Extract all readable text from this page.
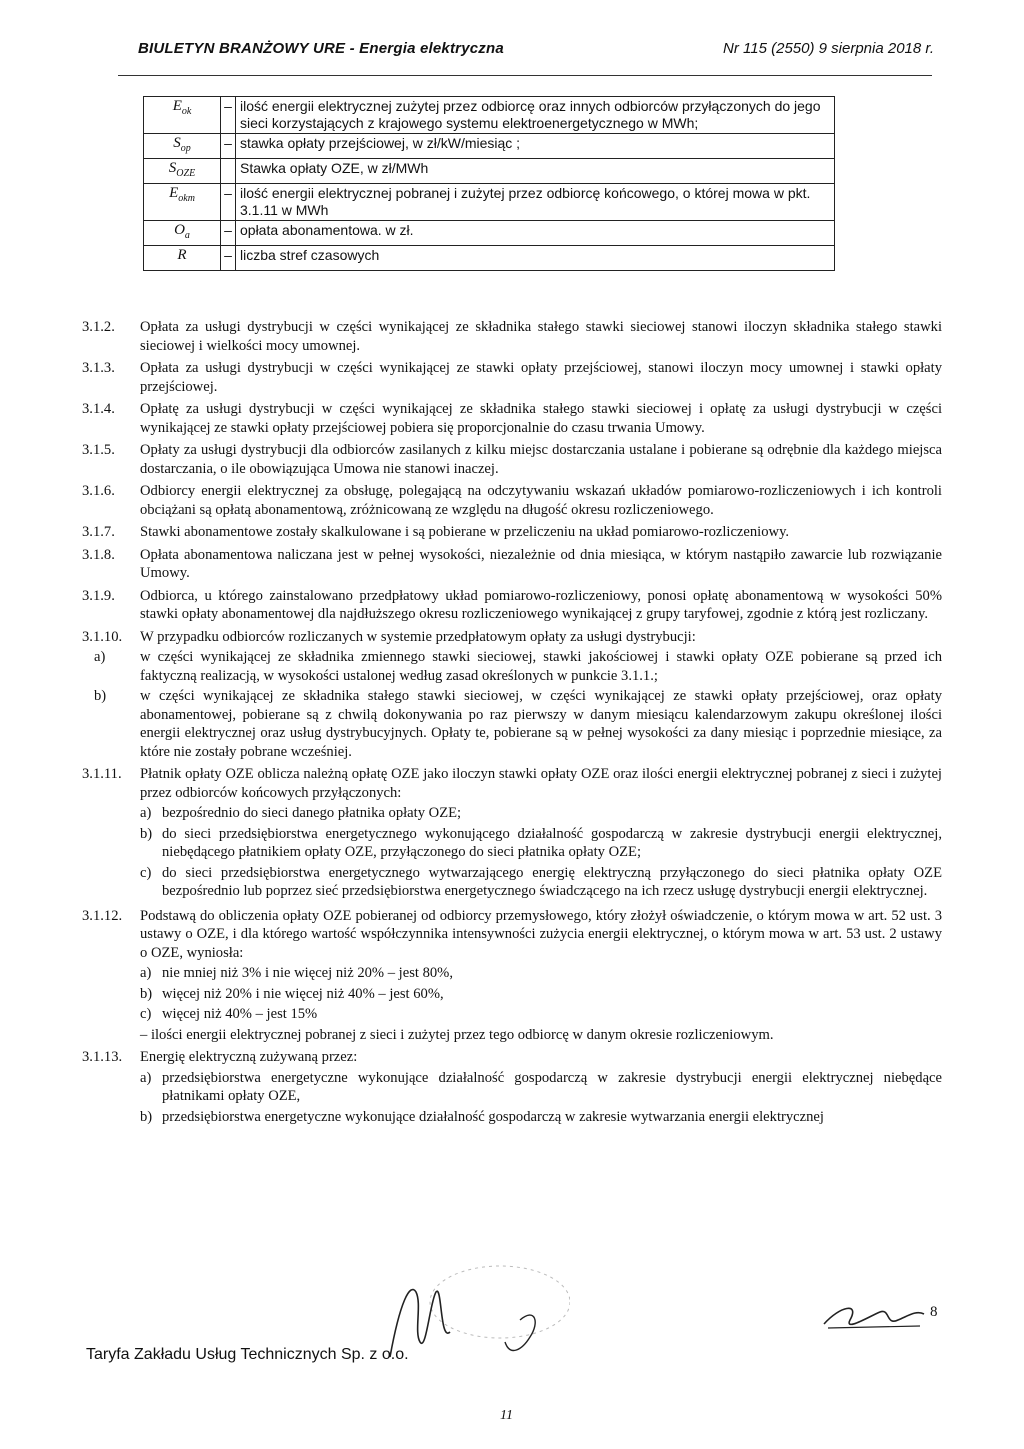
BIULETYN BRANŻOWY URE - Energia elektryczna	Nr 115 (2550) 9 sierpnia 2018 r.
$E_{ok}$	–	ilość energii elektrycznej zużytej przez odbiorcę oraz innych odbiorców przyłączonych do jego sieci korzystających z krajowego systemu elektroenergetycznego w MWh;
$S_{op}$	–	stawka opłaty przejściowej, w zł/kW/miesiąc ;
$S_{OZE}$		Stawka opłaty OZE, w zł/MWh
$E_{okm}$	–	ilość energii elektrycznej pobranej i zużytej przez odbiorcę końcowego, o której mowa w pkt. 3.1.11 w MWh
$O_a$	–	opłata abonamentowa. w zł.
R	–	liczba stref czasowych
3.1.2.	Opłata za usługi dystrybucji w części wynikającej ze składnika stałego stawki sieciowej stanowi iloczyn składnika stałego stawki sieciowej i wielkości mocy umownej.
3.1.3.	Opłata za usługi dystrybucji w części wynikającej ze stawki opłaty przejściowej, stanowi iloczyn mocy umownej i stawki opłaty przejściowej.
3.1.4.	Opłatę za usługi dystrybucji w części wynikającej ze składnika stałego stawki sieciowej i opłatę za usługi dystrybucji w części wynikającej ze stawki opłaty przejściowej pobiera się proporcjonalnie do czasu trwania Umowy.
3.1.5.	Opłaty za usługi dystrybucji dla odbiorców zasilanych z kilku miejsc dostarczania ustalane i pobierane są odrębnie dla każdego miejsca dostarczania, o ile obowiązująca Umowa nie stanowi inaczej.
3.1.6.	Odbiorcy energii elektrycznej za obsługę, polegającą na odczytywaniu wskazań układów pomiarowo-rozliczeniowych i ich kontroli obciążani są opłatą abonamentową, zróżnicowaną ze względu na długość okresu rozliczeniowego.
3.1.7.	Stawki abonamentowe zostały skalkulowane i są pobierane w przeliczeniu na układ pomiarowo-rozliczeniowy.
3.1.8.	Opłata abonamentowa naliczana jest w pełnej wysokości, niezależnie od dnia miesiąca, w którym nastąpiło zawarcie lub rozwiązanie Umowy.
3.1.9.	Odbiorca, u którego zainstalowano przedpłatowy układ pomiarowo-rozliczeniowy, ponosi opłatę abonamentową w wysokości 50% stawki opłaty abonamentowej dla najdłuższego okresu rozliczeniowego wynikającej z grupy taryfowej, zgodnie z którą jest rozliczany.
3.1.10.	W przypadku odbiorców rozliczanych w systemie przedpłatowym opłaty za usługi dystrybucji:
a)	w części wynikającej ze składnika zmiennego stawki sieciowej, stawki jakościowej i stawki opłaty OZE pobierane są przed ich faktyczną realizacją, w wysokości ustalonej według zasad określonych w punkcie 3.1.1.;
b)	w części wynikającej ze składnika stałego stawki sieciowej, w części wynikającej ze stawki opłaty przejściowej, oraz opłaty abonamentowej, pobierane są z chwilą dokonywania po raz pierwszy w danym miesiącu kalendarzowym zakupu określonej ilości energii elektrycznej oraz usług dystrybucyjnych. Opłaty te, pobierane są w pełnej wysokości za dany miesiąc i poprzednie miesiące, za które nie zostały pobrane wcześniej.
3.1.11.	Płatnik opłaty OZE oblicza należną opłatę OZE jako iloczyn stawki opłaty OZE oraz ilości energii elektrycznej pobranej z sieci i zużytej przez odbiorców końcowych przyłączonych:
a) bezpośrednio do sieci danego płatnika opłaty OZE;
b) do sieci przedsiębiorstwa energetycznego wykonującego działalność gospodarczą w zakresie dystrybucji energii elektrycznej, niebędącego płatnikiem opłaty OZE, przyłączonego do sieci płatnika opłaty OZE;
c) do sieci przedsiębiorstwa energetycznego wytwarzającego energię elektryczną przyłączonego do sieci płatnika opłaty OZE bezpośrednio lub poprzez sieć przedsiębiorstwa energetycznego świadczącego na ich rzecz usługę dystrybucji energii elektrycznej.
3.1.12.	Podstawą do obliczenia opłaty OZE pobieranej od odbiorcy przemysłowego, który złożył oświadczenie, o którym mowa w art. 52 ust. 3 ustawy o OZE, i dla którego wartość współczynnika intensywności zużycia energii elektrycznej, o którym mowa w art. 53 ust. 2 ustawy o OZE, wyniosła:
a) nie mniej niż 3% i nie więcej niż 20% – jest 80%,
b) więcej niż 20% i nie więcej niż 40% – jest 60%,
c) więcej niż 40% – jest 15%
– ilości energii elektrycznej pobranej z sieci i zużytej przez tego odbiorcę w danym okresie rozliczeniowym.
3.1.13.	Energię elektryczną zużywaną przez:
a) przedsiębiorstwa energetyczne wykonujące działalność gospodarczą w zakresie dystrybucji energii elektrycznej niebędące płatnikami opłaty OZE,
b) przedsiębiorstwa energetyczne wykonujące działalność gospodarczą w zakresie wytwarzania energii elektrycznej
Taryfa Zakładu Usług Technicznych Sp. z o.o.
8
11
